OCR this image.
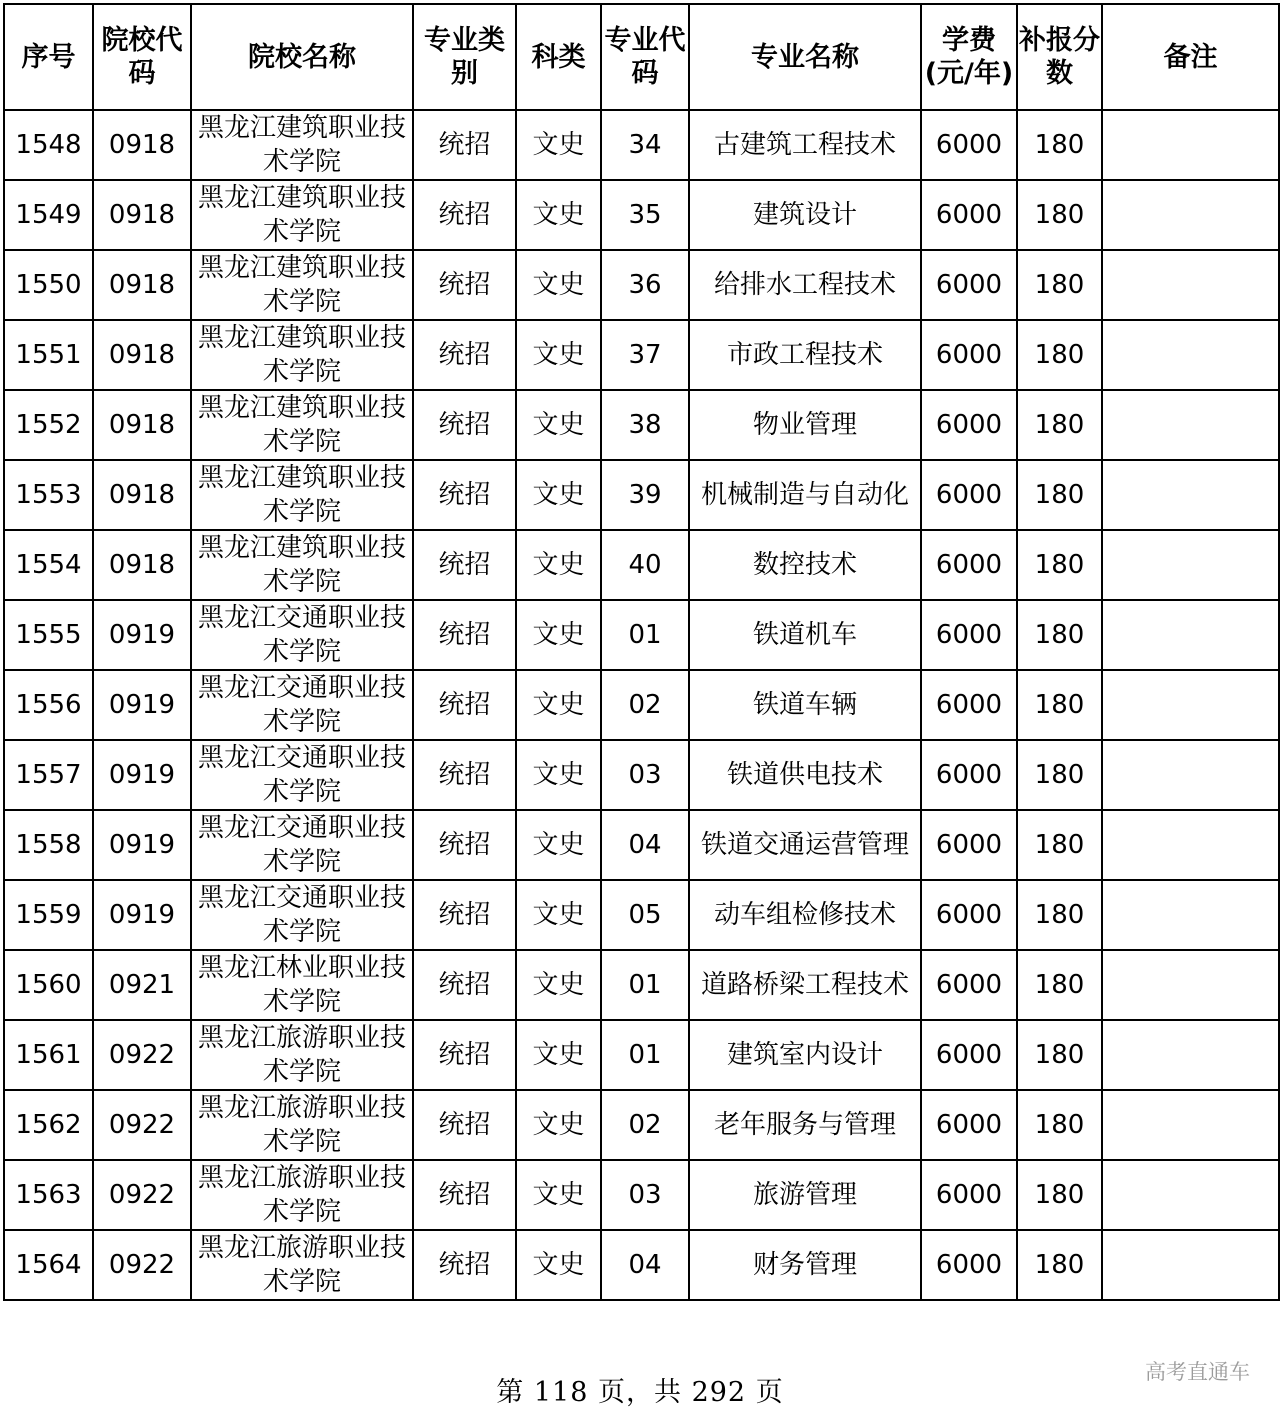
序号	院校代码	院校名称	专业类别	科类	专业代码	专业名称	学费(元/年)	补报分数	备注
1548	0918	黑龙江建筑职业技术学院	统招	文史	34	古建筑工程技术	6000	180	
1549	0918	黑龙江建筑职业技术学院	统招	文史	35	建筑设计	6000	180	
1550	0918	黑龙江建筑职业技术学院	统招	文史	36	给排水工程技术	6000	180	
1551	0918	黑龙江建筑职业技术学院	统招	文史	37	市政工程技术	6000	180	
1552	0918	黑龙江建筑职业技术学院	统招	文史	38	物业管理	6000	180	
1553	0918	黑龙江建筑职业技术学院	统招	文史	39	机械制造与自动化	6000	180	
1554	0918	黑龙江建筑职业技术学院	统招	文史	40	数控技术	6000	180	
1555	0919	黑龙江交通职业技术学院	统招	文史	01	铁道机车	6000	180	
1556	0919	黑龙江交通职业技术学院	统招	文史	02	铁道车辆	6000	180	
1557	0919	黑龙江交通职业技术学院	统招	文史	03	铁道供电技术	6000	180	
1558	0919	黑龙江交通职业技术学院	统招	文史	04	铁道交通运营管理	6000	180	
1559	0919	黑龙江交通职业技术学院	统招	文史	05	动车组检修技术	6000	180	
1560	0921	黑龙江林业职业技术学院	统招	文史	01	道路桥梁工程技术	6000	180	
1561	0922	黑龙江旅游职业技术学院	统招	文史	01	建筑室内设计	6000	180	
1562	0922	黑龙江旅游职业技术学院	统招	文史	02	老年服务与管理	6000	180	
1563	0922	黑龙江旅游职业技术学院	统招	文史	03	旅游管理	6000	180	
1564	0922	黑龙江旅游职业技术学院	统招	文史	04	财务管理	6000	180	
第 118 页，共 292 页
高考直通车
